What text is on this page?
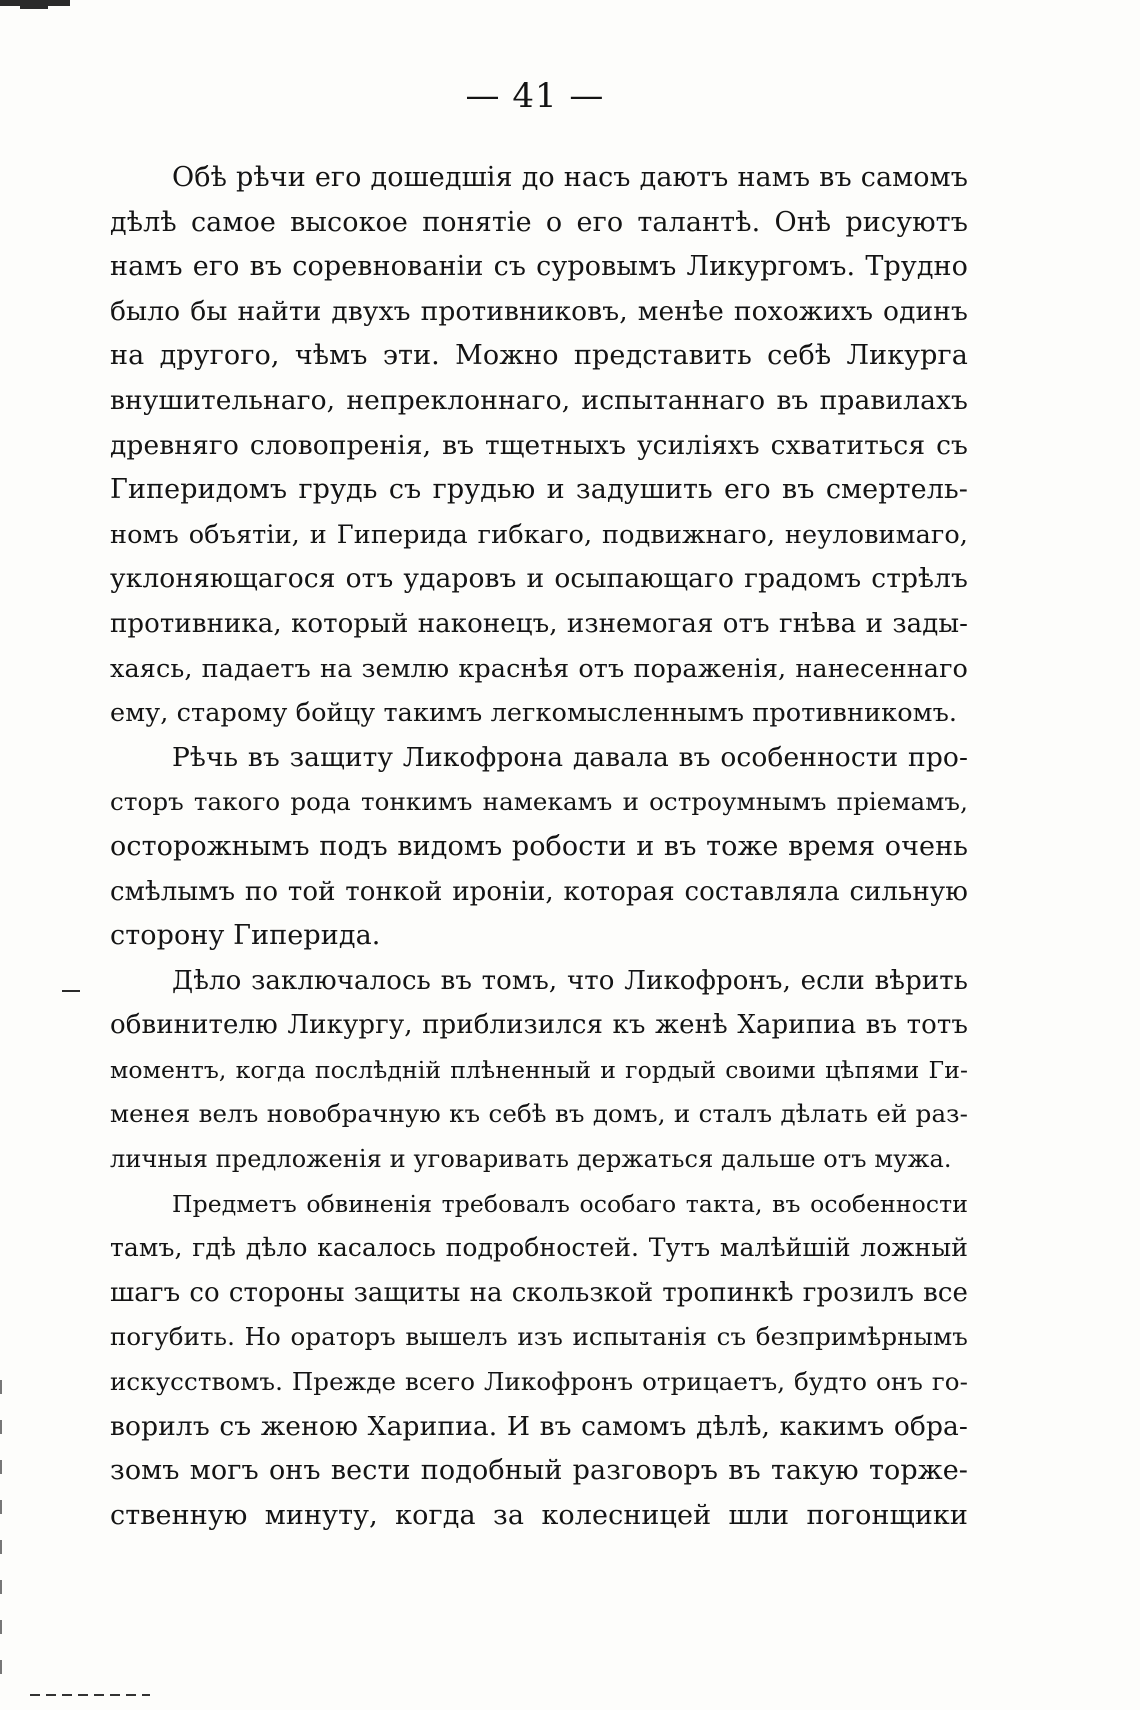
— 41 —
Обѣ рѣчи его дошедшія до насъ даютъ намъ въ самомъ
дѣлѣ самое высокое понятіе о его талантѣ. Онѣ рисуютъ
намъ его въ соревнованіи съ суровымъ Ликургомъ. Трудно
было бы найти двухъ противниковъ, менѣе похожихъ одинъ
на другого, чѣмъ эти. Можно представить себѣ Ликурга
внушительнаго, непреклоннаго, испытаннаго въ правилахъ
древняго словопренія, въ тщетныхъ усиліяхъ схватиться съ
Гиперидомъ грудь съ грудью и задушить его въ смертель-
номъ объятіи, и Гиперида гибкаго, подвижнаго, неуловимаго,
уклоняющагося отъ ударовъ и осыпающаго градомъ стрѣлъ
противника, который наконецъ, изнемогая отъ гнѣва и зады-
хаясь, падаетъ на землю краснѣя отъ пораженія, нанесеннаго
ему, старому бойцу такимъ легкомысленнымъ противникомъ.
Рѣчь въ защиту Ликофрона давала въ особенности про-
сторъ такого рода тонкимъ намекамъ и остроумнымъ пріемамъ,
осторожнымъ подъ видомъ робости и въ тоже время очень
смѣлымъ по той тонкой ироніи, которая составляла сильную
сторону Гиперида.
Дѣло заключалось въ томъ, что Ликофронъ, если вѣрить
обвинителю Ликургу, приблизился къ женѣ Харипиа въ тотъ
моментъ, когда послѣдній плѣненный и гордый своими цѣпями Ги-
менея велъ новобрачную къ себѣ въ домъ, и сталъ дѣлать ей раз-
личныя предложенія и уговаривать держаться дальше отъ мужа.
Предметъ обвиненія требовалъ особаго такта, въ особенности
тамъ, гдѣ дѣло касалось подробностей. Тутъ малѣйшій ложный
шагъ со стороны защиты на скользкой тропинкѣ грозилъ все
погубить. Но ораторъ вышелъ изъ испытанія съ безпримѣрнымъ
искусствомъ. Прежде всего Ликофронъ отрицаетъ, будто онъ го-
ворилъ съ женою Харипиа. И въ самомъ дѣлѣ, какимъ обра-
зомъ могъ онъ вести подобный разговоръ въ такую торже-
ственную минуту, когда за колесницей шли погонщики
